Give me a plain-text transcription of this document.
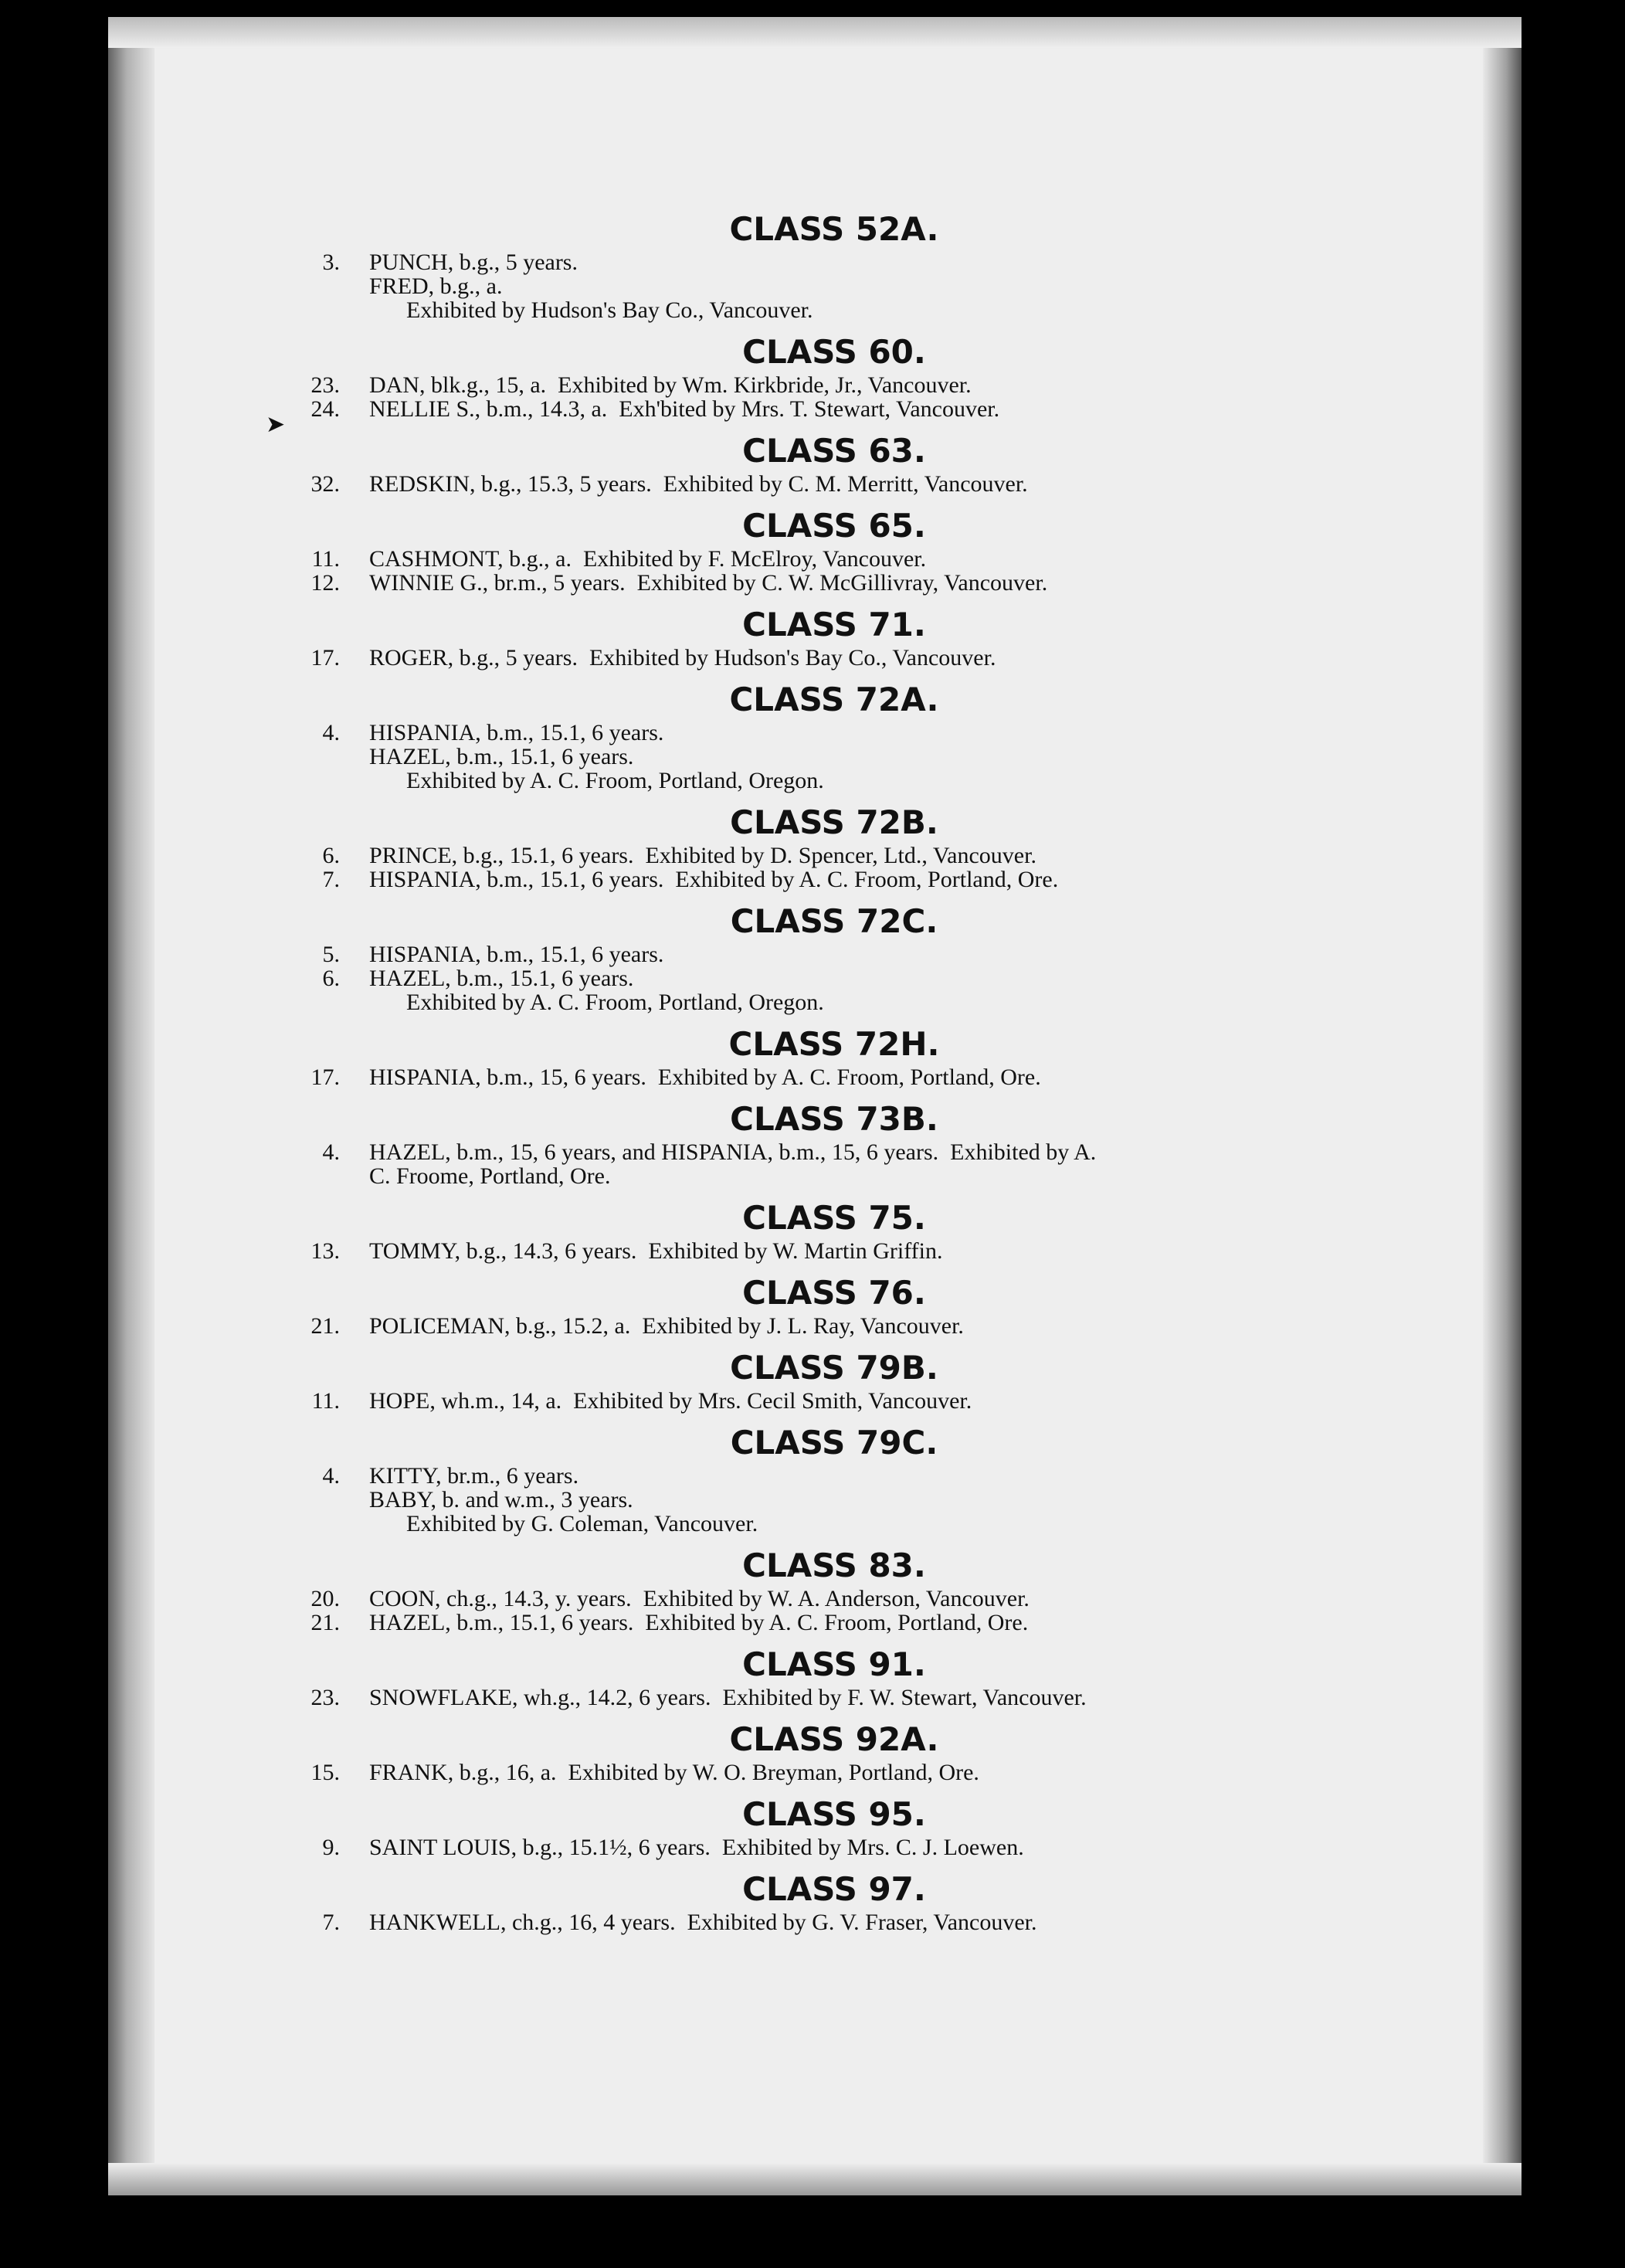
➤
CLASS 52A.
3.	PUNCH, b.g., 5 years.
FRED, b.g., a.
Exhibited by Hudson's Bay Co., Vancouver.
CLASS 60.
23.	DAN, blk.g., 15, a.  Exhibited by Wm. Kirkbride, Jr., Vancouver.
24.	NELLIE S., b.m., 14.3, a.  Exh'bited by Mrs. T. Stewart, Vancouver.
CLASS 63.
32.	REDSKIN, b.g., 15.3, 5 years.  Exhibited by C. M. Merritt, Vancouver.
CLASS 65.
11.	CASHMONT, b.g., a.  Exhibited by F. McElroy, Vancouver.
12.	WINNIE G., br.m., 5 years.  Exhibited by C. W. McGillivray, Vancouver.
CLASS 71.
17.	ROGER, b.g., 5 years.  Exhibited by Hudson's Bay Co., Vancouver.
CLASS 72A.
4.	HISPANIA, b.m., 15.1, 6 years.
HAZEL, b.m., 15.1, 6 years.
Exhibited by A. C. Froom, Portland, Oregon.
CLASS 72B.
6.	PRINCE, b.g., 15.1, 6 years.  Exhibited by D. Spencer, Ltd., Vancouver.
7.	HISPANIA, b.m., 15.1, 6 years.  Exhibited by A. C. Froom, Portland, Ore.
CLASS 72C.
5.	HISPANIA, b.m., 15.1, 6 years.
6.	HAZEL, b.m., 15.1, 6 years.
Exhibited by A. C. Froom, Portland, Oregon.
CLASS 72H.
17.	HISPANIA, b.m., 15, 6 years.  Exhibited by A. C. Froom, Portland, Ore.
CLASS 73B.
4.	HAZEL, b.m., 15, 6 years, and HISPANIA, b.m., 15, 6 years.  Exhibited by A.
C. Froome, Portland, Ore.
CLASS 75.
13.	TOMMY, b.g., 14.3, 6 years.  Exhibited by W. Martin Griffin.
CLASS 76.
21.	POLICEMAN, b.g., 15.2, a.  Exhibited by J. L. Ray, Vancouver.
CLASS 79B.
11.	HOPE, wh.m., 14, a.  Exhibited by Mrs. Cecil Smith, Vancouver.
CLASS 79C.
4.	KITTY, br.m., 6 years.
BABY, b. and w.m., 3 years.
Exhibited by G. Coleman, Vancouver.
CLASS 83.
20.	COON, ch.g., 14.3, y. years.  Exhibited by W. A. Anderson, Vancouver.
21.	HAZEL, b.m., 15.1, 6 years.  Exhibited by A. C. Froom, Portland, Ore.
CLASS 91.
23.	SNOWFLAKE, wh.g., 14.2, 6 years.  Exhibited by F. W. Stewart, Vancouver.
CLASS 92A.
15.	FRANK, b.g., 16, a.  Exhibited by W. O. Breyman, Portland, Ore.
CLASS 95.
9.	SAINT LOUIS, b.g., 15.1½, 6 years.  Exhibited by Mrs. C. J. Loewen.
CLASS 97.
7.	HANKWELL, ch.g., 16, 4 years.  Exhibited by G. V. Fraser, Vancouver.
